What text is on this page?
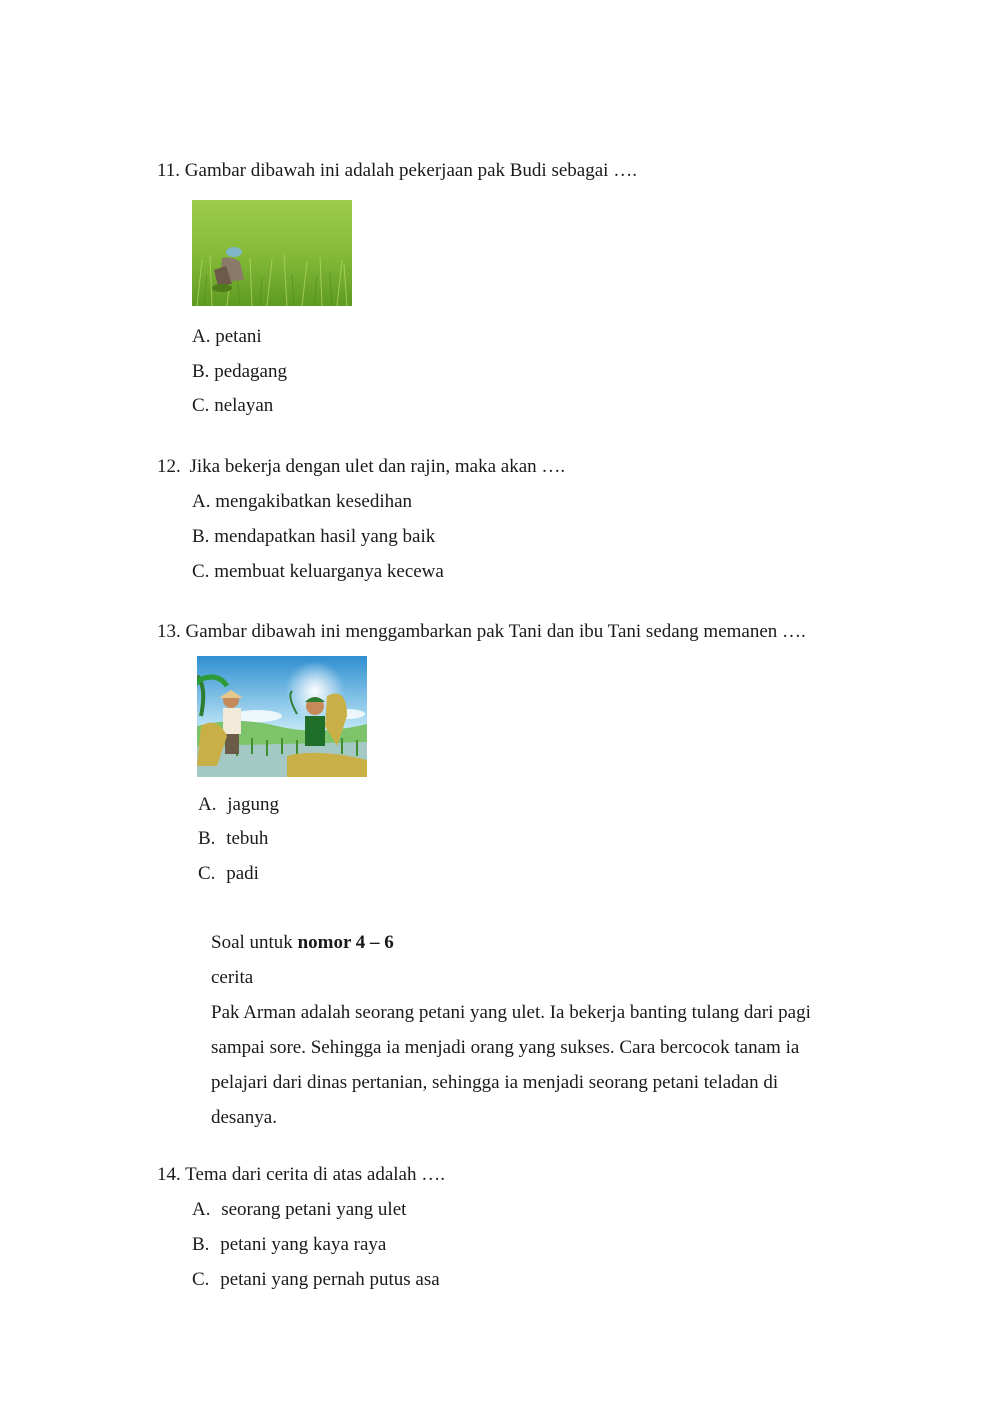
11. Gambar dibawah ini adalah pekerjaan pak Budi sebagai ….
A. petani
B. pedagang
C. nelayan
12. Jika bekerja dengan ulet dan rajin, maka akan ….
A. mengakibatkan kesedihan
B. mendapatkan hasil yang baik
C. membuat keluarganya kecewa
13. Gambar dibawah ini menggambarkan pak Tani dan ibu Tani sedang memanen ….
A. jagung
B. tebuh
C. padi
Soal untuk nomor 4 – 6
cerita
Pak Arman adalah seorang petani yang ulet. Ia bekerja banting tulang dari pagi
sampai sore. Sehingga ia menjadi orang yang sukses. Cara bercocok tanam ia
pelajari dari dinas pertanian, sehingga ia menjadi seorang petani teladan di
desanya.
14. Tema dari cerita di atas adalah ….
A. seorang petani yang ulet
B. petani yang kaya raya
C. petani yang pernah putus asa
